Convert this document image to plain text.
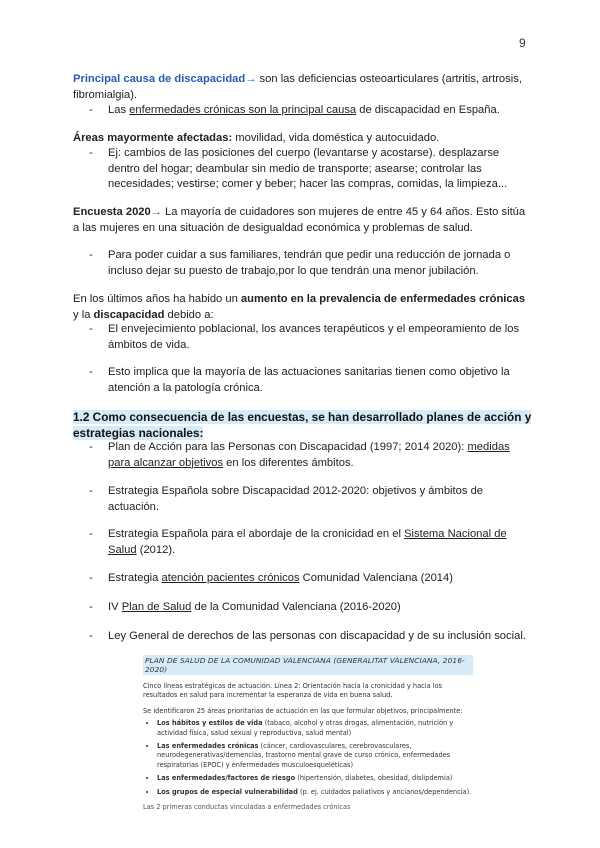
9
Principal causa de discapacidad→ son las deficiencias osteoarticulares (artritis, artrosis, fibromialgia).
- Las enfermedades crónicas son la principal causa de discapacidad en España.
Áreas mayormente afectadas: movilidad, vida doméstica y autocuidado.
- Ej: cambios de las posiciones del cuerpo (levantarse y acostarse). desplazarse dentro del hogar; deambular sin medio de transporte; asearse; controlar las necesidades; vestirse; comer y beber; hacer las compras, comidas, la limpieza...
Encuesta 2020→ La mayoría de cuidadores son mujeres de entre 45 y 64 años. Esto sitúa a las mujeres en una situación de desigualdad económica y problemas de salud.
- Para poder cuidar a sus familiares, tendrán que pedir una reducción de jornada o incluso dejar su puesto de trabajo,por lo que tendrán una menor jubilación.
En los últimos años ha habido un aumento en la prevalencia de enfermedades crónicas y la discapacidad debido a:
- El envejecimiento poblacional, los avances terapéuticos y el empeoramiento de los ámbitos de vida.
- Esto implica que la mayoría de las actuaciones sanitarias tienen como objetivo la atención a la patología crónica.
1.2 Como consecuencia de las encuestas, se han desarrollado planes de acción y estrategias nacionales:
- Plan de Acción para las Personas con Discapacidad (1997; 2014 2020): medidas para alcanzar objetivos en los diferentes ámbitos.
- Estrategia Española sobre Discapacidad 2012-2020: objetivos y ámbitos de actuación.
- Estrategia Española para el abordaje de la cronicidad en el Sistema Nacional de Salud (2012).
- Estrategia atención pacientes crónicos Comunidad Valenciana (2014)
- IV Plan de Salud de la Comunidad Valenciana (2016-2020)
- Ley General de derechos de las personas con discapacidad y de su inclusión social.
PLAN DE SALUD DE LA COMUNIDAD VALENCIANA (GENERALITAT VALENCIANA, 2016-2020)
Cinco líneas estratégicas de actuación. Línea 2: Orientación hacia la cronicidad y hacia los resultados en salud para incrementar la esperanza de vida en buena salud.
Se identificaron 25 áreas prioritarias de actuación en las que formular objetivos, principalmente:
• Los hábitos y estilos de vida (tabaco, alcohol y otras drogas, alimentación, nutrición y actividad física, salud sexual y reproductiva, salud mental)
• Las enfermedades crónicas (cáncer, cardiovasculares, cerebrovasculares, neurodegenerativas/demencias, trastorno mental grave de curso crónico, enfermedades respiratorias (EPOC) y enfermedades musculoesqueléticas)
• Las enfermedades/factores de riesgo (hipertensión, diabetes, obesidad, dislipdemia)
• Los grupos de especial vulnerabilidad (p. ej. cuidados paliativos y ancianos/dependencia).
Las 2 primeras conductas vinculadas a enfermedades crónicas
